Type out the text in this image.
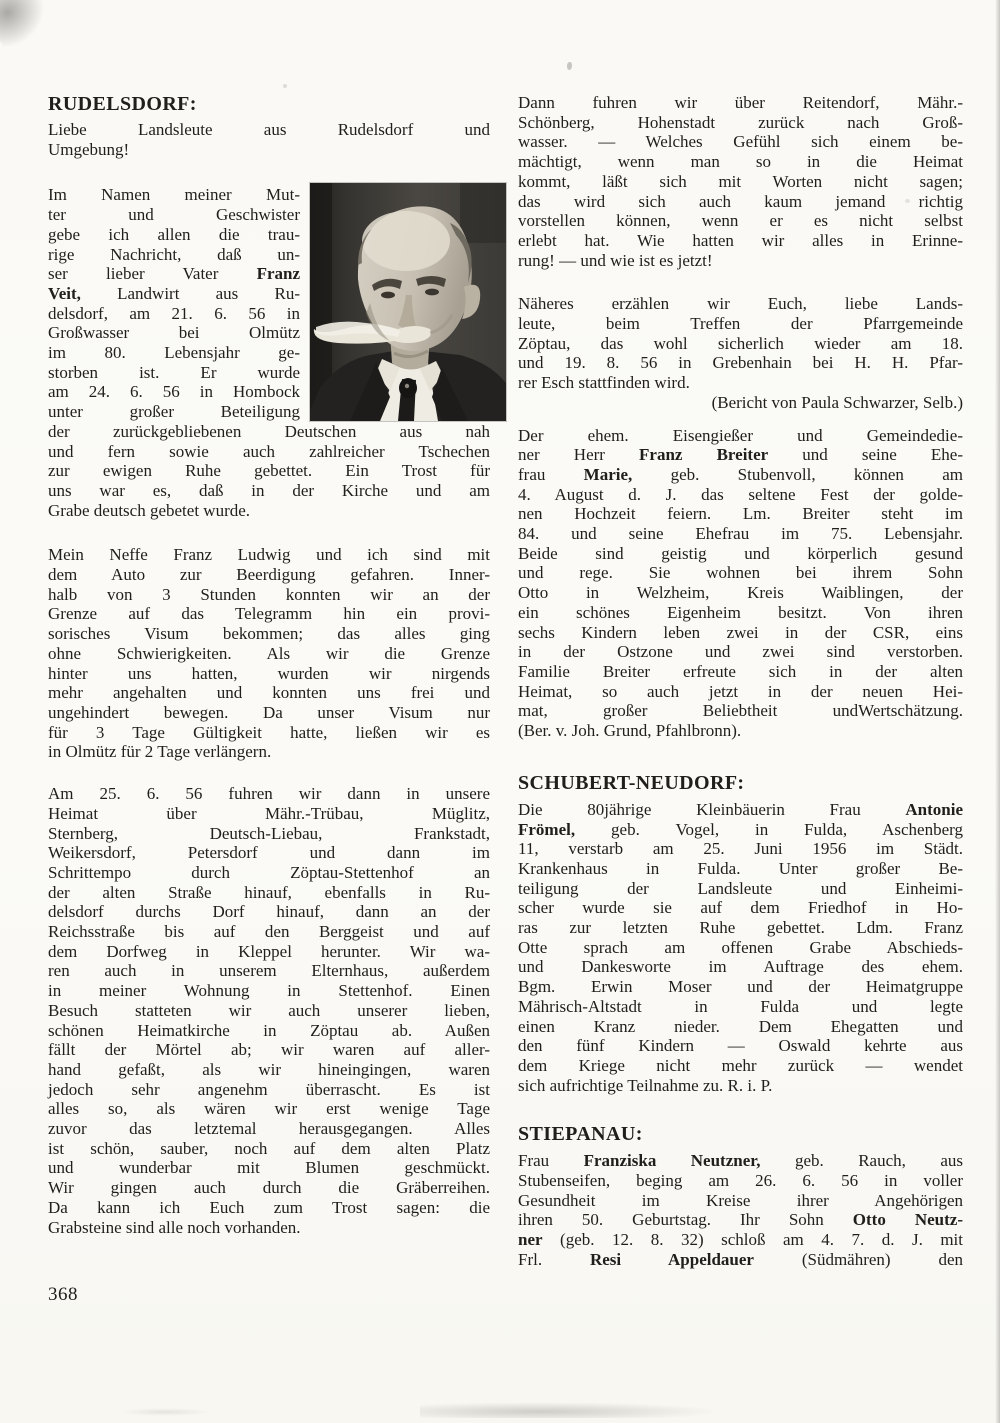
RUDELSDORF:
Liebe Landsleute aus Rudelsdorf und
Umgebung!
Im Namen meiner Mut-
ter und Geschwister
gebe ich allen die trau-
rige Nachricht, daß un-
ser lieber Vater Franz
Veit, Landwirt aus Ru-
delsdorf, am 21. 6. 56 in
Großwasser bei Olmütz
im 80. Lebensjahr ge-
storben ist. Er wurde
am 24. 6. 56 in Hombock
unter großer Beteiligung
der zurückgebliebenen Deutschen aus nah
und fern sowie auch zahlreicher Tschechen
zur ewigen Ruhe gebettet. Ein Trost für
uns war es, daß in der Kirche und am
Grabe deutsch gebetet wurde.
Mein Neffe Franz Ludwig und ich sind mit
dem Auto zur Beerdigung gefahren. Inner-
halb von 3 Stunden konnten wir an der
Grenze auf das Telegramm hin ein provi-
sorisches Visum bekommen; das alles ging
ohne Schwierigkeiten. Als wir die Grenze
hinter uns hatten, wurden wir nirgends
mehr angehalten und konnten uns frei und
ungehindert bewegen. Da unser Visum nur
für 3 Tage Gültigkeit hatte, ließen wir es
in Olmütz für 2 Tage verlängern.
Am 25. 6. 56 fuhren wir dann in unsere
Heimat über Mähr.-Trübau, Müglitz,
Sternberg, Deutsch-Liebau, Frankstadt,
Weikersdorf, Petersdorf und dann im
Schrittempo durch Zöptau-Stettenhof an
der alten Straße hinauf, ebenfalls in Ru-
delsdorf durchs Dorf hinauf, dann an der
Reichsstraße bis auf den Berggeist und auf
dem Dorfweg in Kleppel herunter. Wir wa-
ren auch in unserem Elternhaus, außerdem
in meiner Wohnung in Stettenhof. Einen
Besuch statteten wir auch unserer lieben,
schönen Heimatkirche in Zöptau ab. Außen
fällt der Mörtel ab; wir waren auf aller-
hand gefaßt, als wir hineingingen, waren
jedoch sehr angenehm überrascht. Es ist
alles so, als wären wir erst wenige Tage
zuvor das letztemal herausgegangen. Alles
ist schön, sauber, noch auf dem alten Platz
und wunderbar mit Blumen geschmückt.
Wir gingen auch durch die Gräberreihen.
Da kann ich Euch zum Trost sagen: die
Grabsteine sind alle noch vorhanden.
Dann fuhren wir über Reitendorf, Mähr.-
Schönberg, Hohenstadt zurück nach Groß-
wasser. — Welches Gefühl sich einem be-
mächtigt, wenn man so in die Heimat
kommt, läßt sich mit Worten nicht sagen;
das wird sich auch kaum jemand richtig
vorstellen können, wenn er es nicht selbst
erlebt hat. Wie hatten wir alles in Erinne-
rung! — und wie ist es jetzt!
Näheres erzählen wir Euch, liebe Lands-
leute, beim Treffen der Pfarrgemeinde
Zöptau, das wohl sicherlich wieder am 18.
und 19. 8. 56 in Grebenhain bei H. H. Pfar-
rer Esch stattfinden wird.
(Bericht von Paula Schwarzer, Selb.)
Der ehem. Eisengießer und Gemeindedie-
ner Herr Franz Breiter und seine Ehe-
frau Marie, geb. Stubenvoll, können am
4. August d. J. das seltene Fest der golde-
nen Hochzeit feiern. Lm. Breiter steht im
84. und seine Ehefrau im 75. Lebensjahr.
Beide sind geistig und körperlich gesund
und rege. Sie wohnen bei ihrem Sohn
Otto in Welzheim, Kreis Waiblingen, der
ein schönes Eigenheim besitzt. Von ihren
sechs Kindern leben zwei in der CSR, eins
in der Ostzone und zwei sind verstorben.
Familie Breiter erfreute sich in der alten
Heimat, so auch jetzt in der neuen Hei-
mat, großer Beliebtheit undWertschätzung.
(Ber. v. Joh. Grund, Pfahlbronn).
SCHUBERT-NEUDORF:
Die 80jährige Kleinbäuerin Frau Antonie
Frömel, geb. Vogel, in Fulda, Aschenberg
11, verstarb am 25. Juni 1956 im Städt.
Krankenhaus in Fulda. Unter großer Be-
teiligung der Landsleute und Einheimi-
scher wurde sie auf dem Friedhof in Ho-
ras zur letzten Ruhe gebettet. Ldm. Franz
Otte sprach am offenen Grabe Abschieds-
und Dankesworte im Auftrage des ehem.
Bgm. Erwin Moser und der Heimatgruppe
Mährisch-Altstadt in Fulda und legte
einen Kranz nieder. Dem Ehegatten und
den fünf Kindern — Oswald kehrte aus
dem Kriege nicht mehr zurück — wendet
sich aufrichtige Teilnahme zu. R. i. P.
STIEPANAU:
Frau Franziska Neutzner, geb. Rauch, aus
Stubenseifen, beging am 26. 6. 56 in voller
Gesundheit im Kreise ihrer Angehörigen
ihren 50. Geburtstag. Ihr Sohn Otto Neutz-
ner (geb. 12. 8. 32) schloß am 4. 7. d. J. mit
Frl. Resi Appeldauer (Südmähren) den
368
